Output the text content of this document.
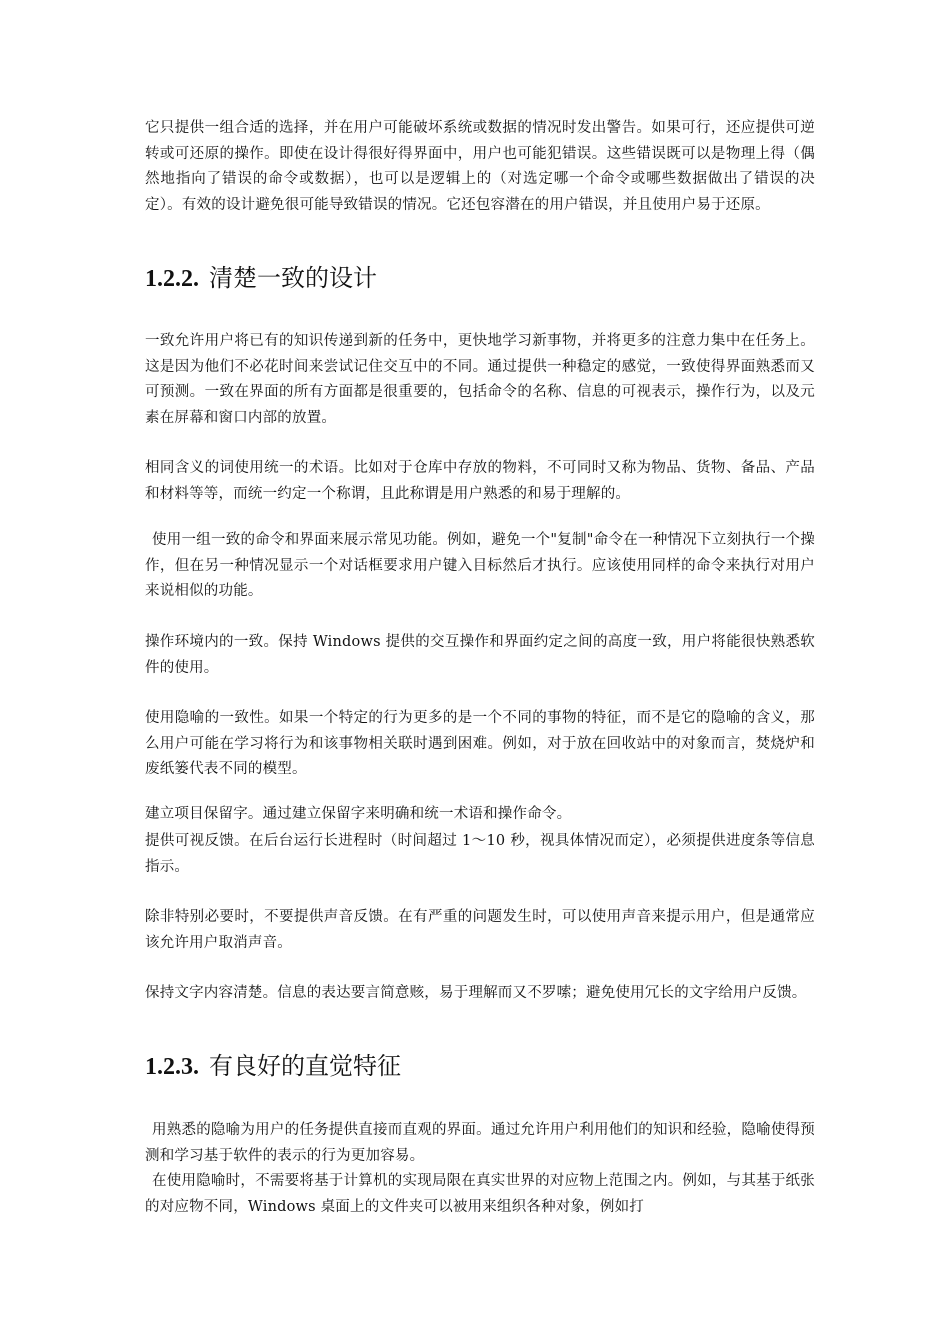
它只提供一组合适的选择，并在用户可能破坏系统或数据的情况时发出警告。如果可行，还应提供可逆转或可还原的操作。即使在设计得很好得界面中，用户也可能犯错误。这些错误既可以是物理上得（偶然地指向了错误的命令或数据），也可以是逻辑上的（对选定哪一个命令或哪些数据做出了错误的决定）。有效的设计避免很可能导致错误的情况。它还包容潜在的用户错误，并且使用户易于还原。

1.2.2. 清楚一致的设计

一致允许用户将已有的知识传递到新的任务中，更快地学习新事物，并将更多的注意力集中在任务上。这是因为他们不必花时间来尝试记住交互中的不同。通过提供一种稳定的感觉，一致使得界面熟悉而又可预测。一致在界面的所有方面都是很重要的，包括命令的名称、信息的可视表示，操作行为，以及元素在屏幕和窗口内部的放置。

相同含义的词使用统一的术语。比如对于仓库中存放的物料，不可同时又称为物品、货物、备品、产品和材料等等，而统一约定一个称谓，且此称谓是用户熟悉的和易于理解的。

使用一组一致的命令和界面来展示常见功能。例如，避免一个"复制"命令在一种情况下立刻执行一个操作，但在另一种情况显示一个对话框要求用户键入目标然后才执行。应该使用同样的命令来执行对用户来说相似的功能。

操作环境内的一致。保持 Windows 提供的交互操作和界面约定之间的高度一致，用户将能很快熟悉软件的使用。

使用隐喻的一致性。如果一个特定的行为更多的是一个不同的事物的特征，而不是它的隐喻的含义，那么用户可能在学习将行为和该事物相关联时遇到困难。例如，对于放在回收站中的对象而言，焚烧炉和废纸篓代表不同的模型。

建立项目保留字。通过建立保留字来明确和统一术语和操作命令。

提供可视反馈。在后台运行长进程时（时间超过 1～10 秒，视具体情况而定），必须提供进度条等信息指示。

除非特别必要时，不要提供声音反馈。在有严重的问题发生时，可以使用声音来提示用户，但是通常应该允许用户取消声音。

保持文字内容清楚。信息的表达要言简意赅，易于理解而又不罗嗦；避免使用冗长的文字给用户反馈。

1.2.3. 有良好的直觉特征

用熟悉的隐喻为用户的任务提供直接而直观的界面。通过允许用户利用他们的知识和经验，隐喻使得预测和学习基于软件的表示的行为更加容易。

在使用隐喻时，不需要将基于计算机的实现局限在真实世界的对应物上范围之内。例如，与其基于纸张的对应物不同，Windows 桌面上的文件夹可以被用来组织各种对象，例如打
